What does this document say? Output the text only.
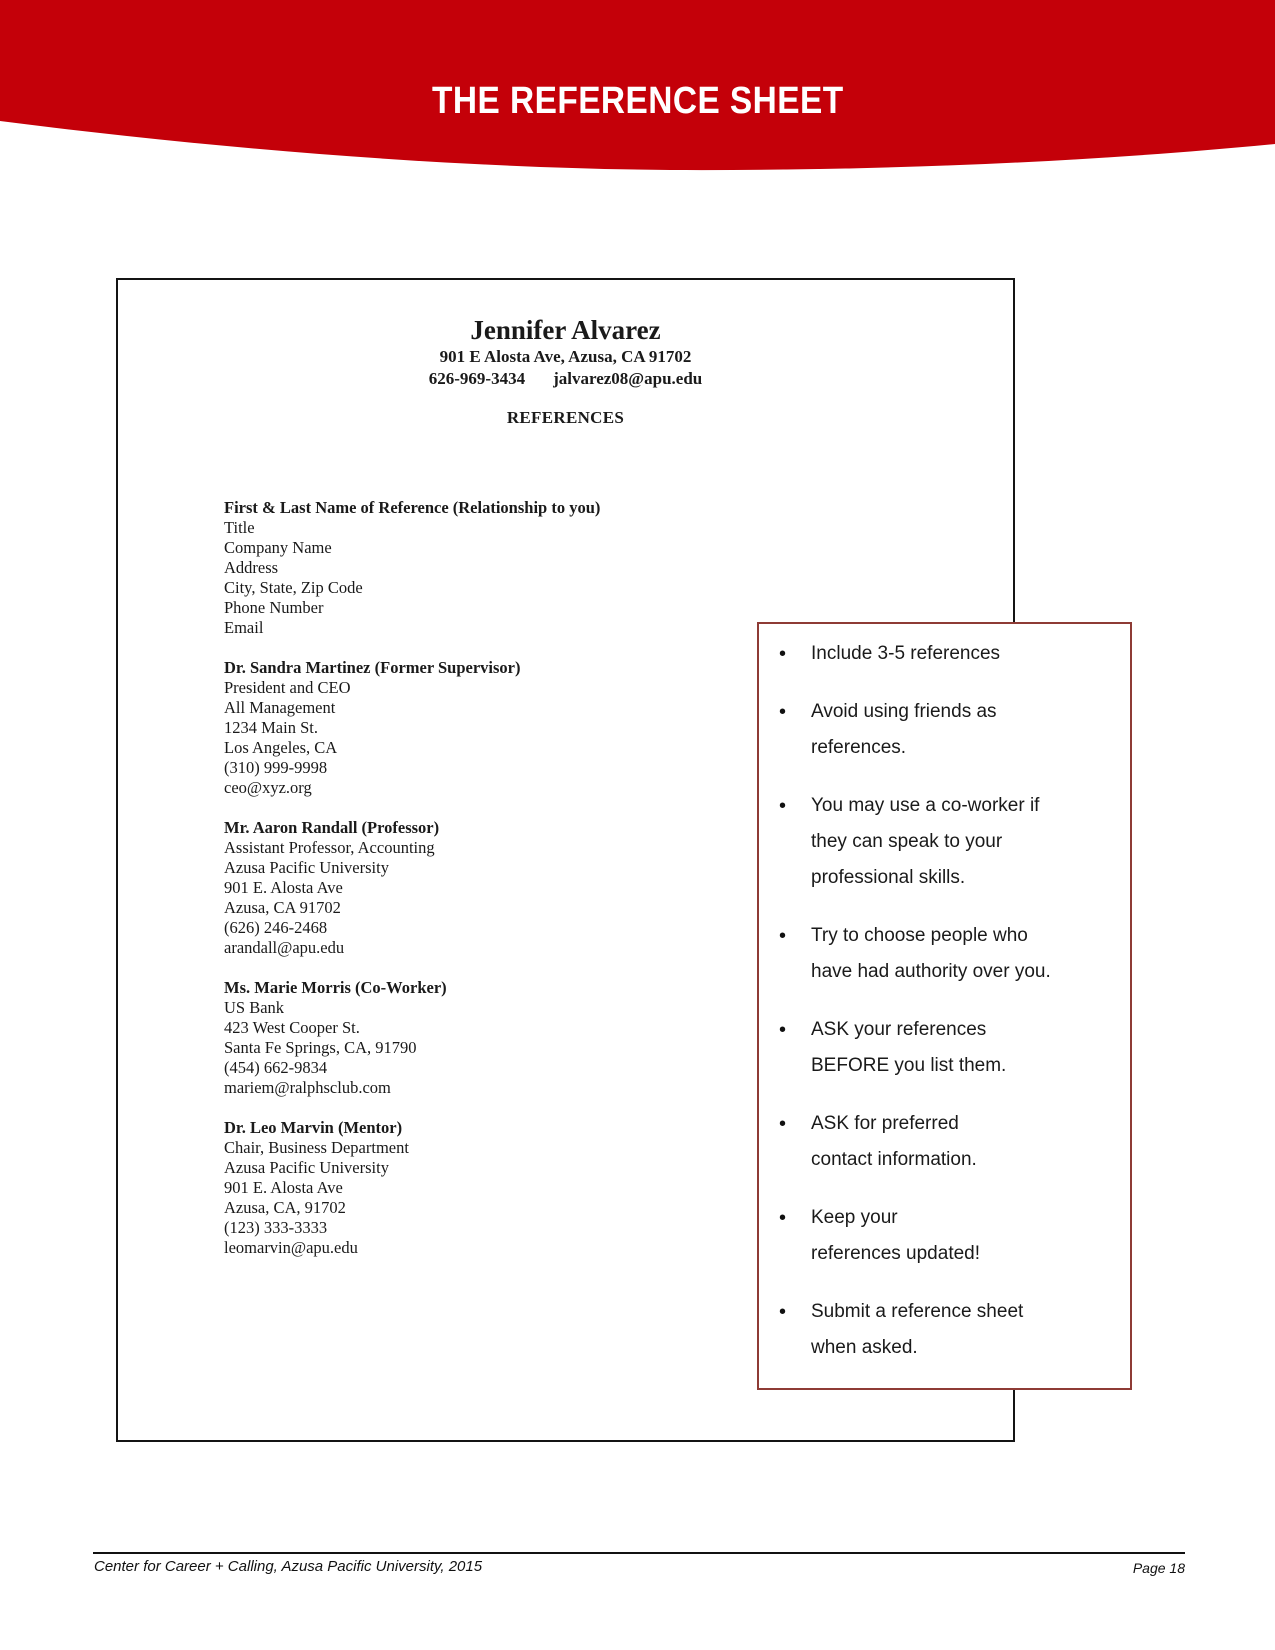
THE REFERENCE SHEET
Jennifer Alvarez
901 E Alosta Ave, Azusa, CA 91702
626-969-3434 jalvarez08@apu.edu
REFERENCES
First & Last Name of Reference (Relationship to you)
Title
Company Name
Address
City, State, Zip Code
Phone Number
Email
Dr. Sandra Martinez (Former Supervisor)
President and CEO
All Management
1234 Main St.
Los Angeles, CA
(310) 999-9998
ceo@xyz.org
Mr. Aaron Randall (Professor)
Assistant Professor, Accounting
Azusa Pacific University
901 E. Alosta Ave
Azusa, CA 91702
(626) 246-2468
arandall@apu.edu
Ms. Marie Morris (Co-Worker)
US Bank
423 West Cooper St.
Santa Fe Springs, CA, 91790
(454) 662-9834
mariem@ralphsclub.com
Dr. Leo Marvin (Mentor)
Chair, Business Department
Azusa Pacific University
901 E. Alosta Ave
Azusa, CA, 91702
(123) 333-3333
leomarvin@apu.edu
• Include 3-5 references
• Avoid using friends as
references.
• You may use a co-worker if
they can speak to your
professional skills.
• Try to choose people who
have had authority over you.
• ASK your references
BEFORE you list them.
• ASK for preferred
contact information.
• Keep your
references updated!
• Submit a reference sheet
when asked.
Center for Career + Calling, Azusa Pacific University, 2015	Page 18
